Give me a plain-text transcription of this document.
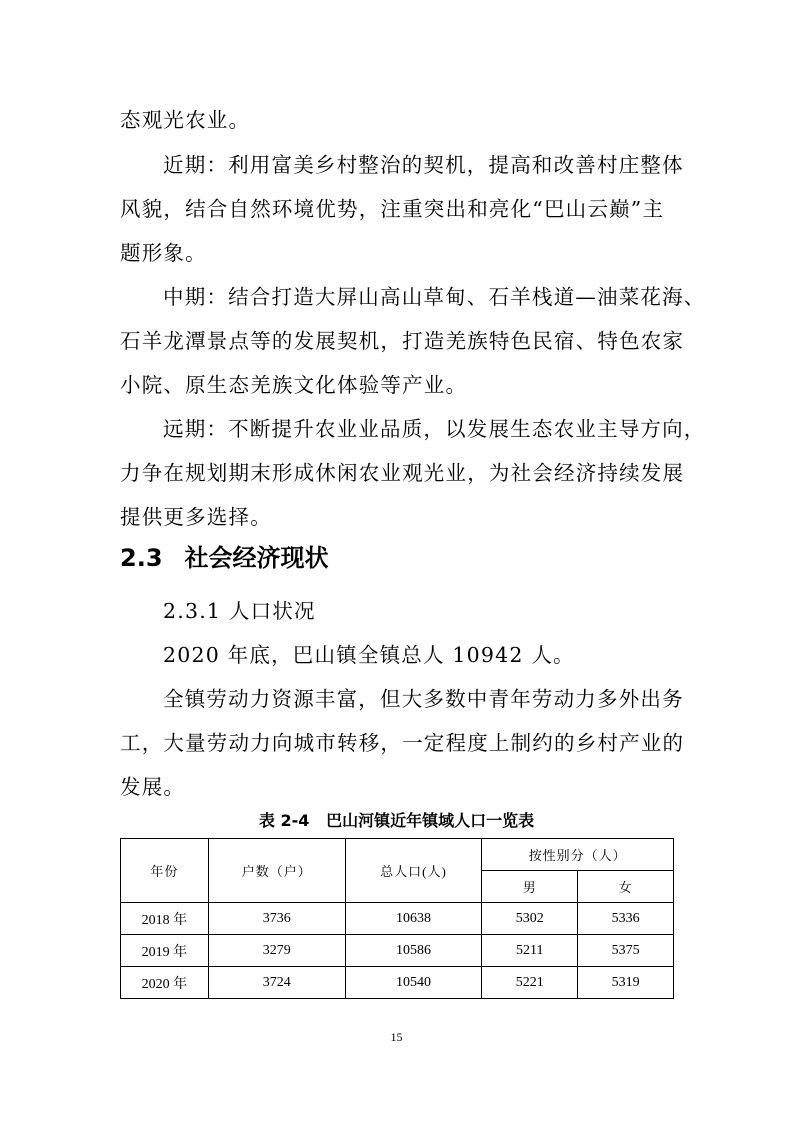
态观光农业。
近期：利用富美乡村整治的契机，提高和改善村庄整体
风貌，结合自然环境优势，注重突出和亮化“巴山云巅”主
题形象。
中期：结合打造大屏山高山草甸、石羊栈道—油菜花海、
石羊龙潭景点等的发展契机，打造羌族特色民宿、特色农家
小院、原生态羌族文化体验等产业。
远期：不断提升农业业品质，以发展生态农业主导方向，
力争在规划期末形成休闲农业观光业，为社会经济持续发展
提供更多选择。
2.3 社会经济现状
2.3.1 人口状况
2020 年底，巴山镇全镇总人 10942 人。
全镇劳动力资源丰富，但大多数中青年劳动力多外出务
工，大量劳动力向城市转移，一定程度上制约的乡村产业的
发展。
表 2-4   巴山河镇近年镇域人口一览表
年份	户数（户）	总人口(人)	按性别分（人）	
			男	女
2018 年	3736	10638	5302	5336
2019 年	3279	10586	5211	5375
2020 年	3724	10540	5221	5319
15
